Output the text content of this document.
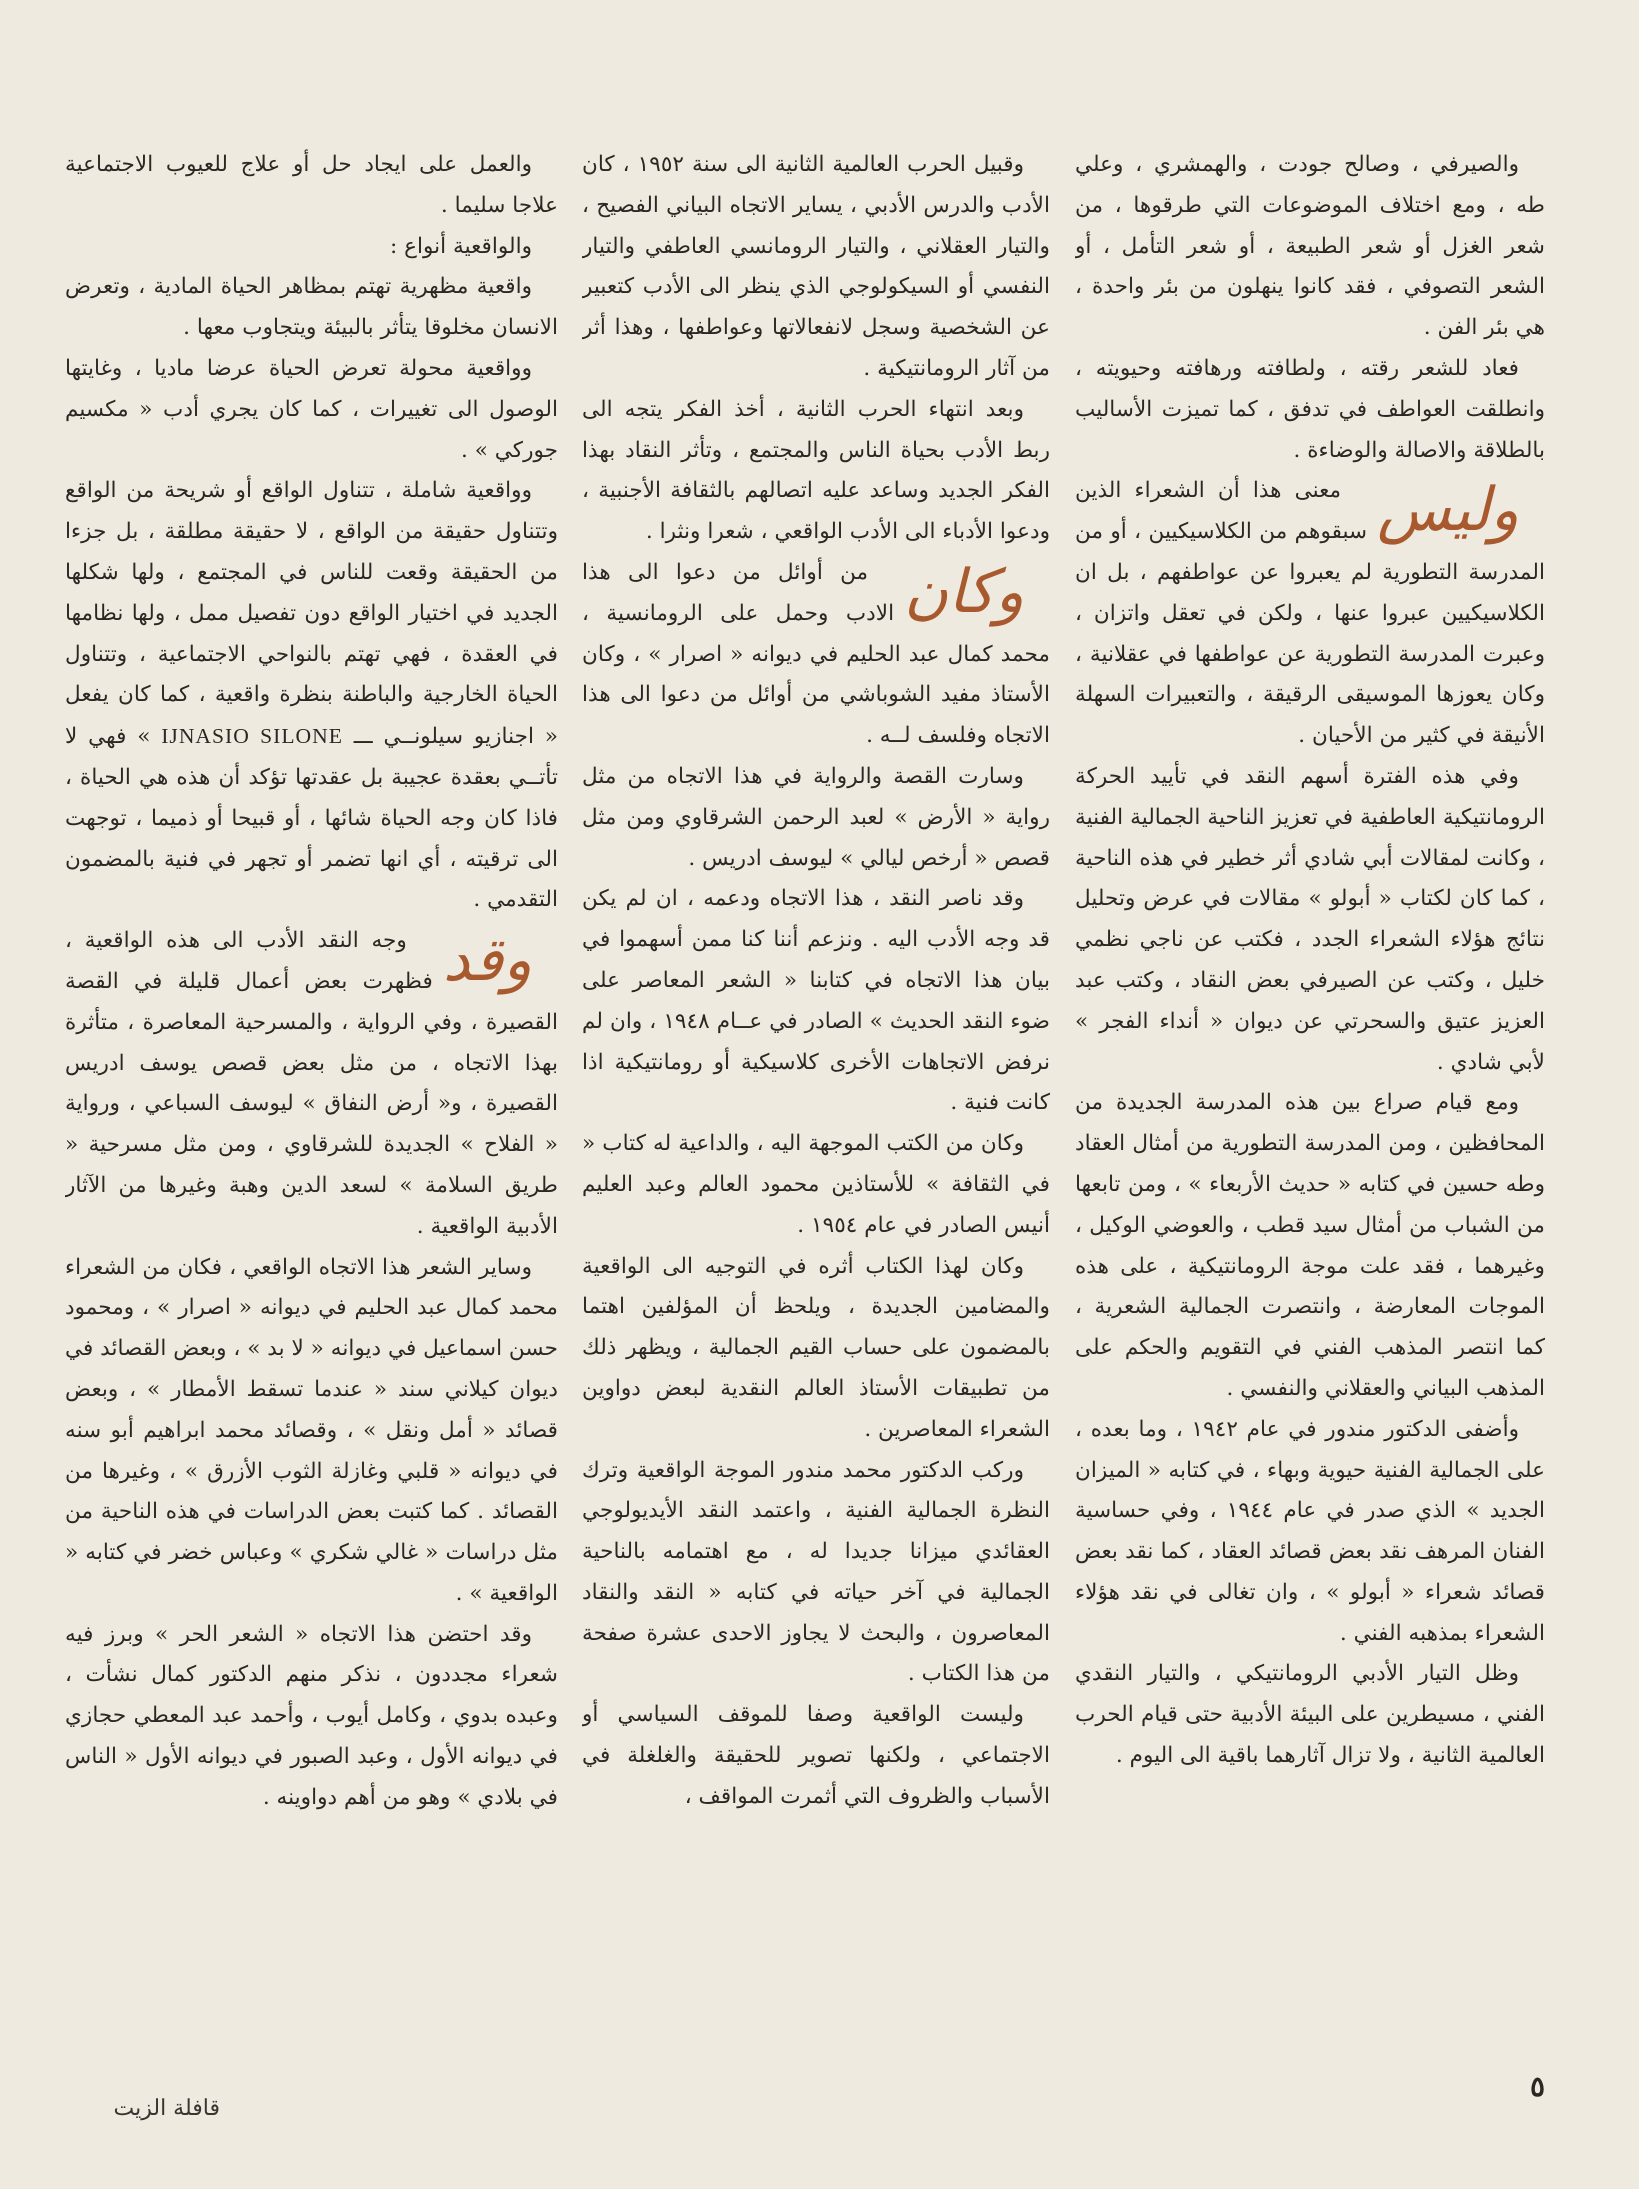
والصيرفي ، وصالح جودت ، والهمشري ، وعلي طه ، ومع اختلاف الموضوعات التي طرقوها ، من شعر الغزل أو شعر الطبيعة ، أو شعر التأمل ، أو الشعر التصوفي ، فقد كانوا ينهلون من بئر واحدة ، هي بئر الفن .

فعاد للشعر رقته ، ولطافته ورهافته وحيويته ، وانطلقت العواطف في تدفق ، كما تميزت الأساليب بالطلاقة والاصالة والوضاءة .

وليس
معنى هذا أن الشعراء الذين سبقوهم من الكلاسيكيين ، أو من المدرسة التطورية لم يعبروا عن عواطفهم ، بل ان الكلاسيكيين عبروا عنها ، ولكن في تعقل واتزان ، وعبرت المدرسة التطورية عن عواطفها في عقلانية ، وكان يعوزها الموسيقى الرقيقة ، والتعبيرات السهلة الأنيقة في كثير من الأحيان .

وفي هذه الفترة أسهم النقد في تأييد الحركة الرومانتيكية العاطفية في تعزيز الناحية الجمالية الفنية ، وكانت لمقالات أبي شادي أثر خطير في هذه الناحية ، كما كان لكتاب « أبولو » مقالات في عرض وتحليل نتائج هؤلاء الشعراء الجدد ، فكتب عن ناجي نظمي خليل ، وكتب عن الصيرفي بعض النقاد ، وكتب عبد العزيز عتيق والسحرتي عن ديوان « أنداء الفجر » لأبي شادي .

ومع قيام صراع بين هذه المدرسة الجديدة من المحافظين ، ومن المدرسة التطورية من أمثال العقاد وطه حسين في كتابه « حديث الأربعاء » ، ومن تابعها من الشباب من أمثال سيد قطب ، والعوضي الوكيل ، وغيرهما ، فقد علت موجة الرومانتيكية ، على هذه الموجات المعارضة ، وانتصرت الجمالية الشعرية ، كما انتصر المذهب الفني في التقويم والحكم على المذهب البياني والعقلاني والنفسي .

وأضفى الدكتور مندور في عام ١٩٤٢ ، وما بعده ، على الجمالية الفنية حيوية وبهاء ، في كتابه « الميزان الجديد » الذي صدر في عام ١٩٤٤ ، وفي حساسية الفنان المرهف نقد بعض قصائد العقاد ، كما نقد بعض قصائد شعراء « أبولو » ، وان تغالى في نقد هؤلاء الشعراء بمذهبه الفني .

وظل التيار الأدبي الرومانتيكي ، والتيار النقدي الفني ، مسيطرين على البيئة الأدبية حتى قيام الحرب العالمية الثانية ، ولا تزال آثارهما باقية الى اليوم .

وقبيل الحرب العالمية الثانية الى سنة ١٩٥٢ ، كان الأدب والدرس الأدبي ، يساير الاتجاه البياني الفصيح ، والتيار العقلاني ، والتيار الرومانسي العاطفي والتيار النفسي أو السيكولوجي الذي ينظر الى الأدب كتعبير عن الشخصية وسجل لانفعالاتها وعواطفها ، وهذا أثر من آثار الرومانتيكية .

وبعد انتهاء الحرب الثانية ، أخذ الفكر يتجه الى ربط الأدب بحياة الناس والمجتمع ، وتأثر النقاد بهذا الفكر الجديد وساعد عليه اتصالهم بالثقافة الأجنبية ، ودعوا الأدباء الى الأدب الواقعي ، شعرا ونثرا .

وكان
من أوائل من دعوا الى هذا الادب وحمل على الرومانسية ، محمد كمال عبد الحليم في ديوانه « اصرار » ، وكان الأستاذ مفيد الشوباشي من أوائل من دعوا الى هذا الاتجاه وفلسف لــه .

وسارت القصة والرواية في هذا الاتجاه من مثل رواية « الأرض » لعبد الرحمن الشرقاوي ومن مثل قصص « أرخص ليالي » ليوسف ادريس .

وقد ناصر النقد ، هذا الاتجاه ودعمه ، ان لم يكن قد وجه الأدب اليه . ونزعم أننا كنا ممن أسهموا في بيان هذا الاتجاه في كتابنا « الشعر المعاصر على ضوء النقد الحديث » الصادر في عــام ١٩٤٨ ، وان لم نرفض الاتجاهات الأخرى كلاسيكية أو رومانتيكية اذا كانت فنية .

وكان من الكتب الموجهة اليه ، والداعية له كتاب « في الثقافة » للأستاذين محمود العالم وعبد العليم أنيس الصادر في عام ١٩٥٤ .

وكان لهذا الكتاب أثره في التوجيه الى الواقعية والمضامين الجديدة ، ويلحظ أن المؤلفين اهتما بالمضمون على حساب القيم الجمالية ، ويظهر ذلك من تطبيقات الأستاذ العالم النقدية لبعض دواوين الشعراء المعاصرين .

وركب الدكتور محمد مندور الموجة الواقعية وترك النظرة الجمالية الفنية ، واعتمد النقد الأيديولوجي العقائدي ميزانا جديدا له ، مع اهتمامه بالناحية الجمالية في آخر حياته في كتابه « النقد والنقاد المعاصرون ، والبحث لا يجاوز الاحدى عشرة صفحة من هذا الكتاب .

وليست الواقعية وصفا للموقف السياسي أو الاجتماعي ، ولكنها تصوير للحقيقة والغلغلة في الأسباب والظروف التي أثمرت المواقف ،

والعمل على ايجاد حل أو علاج للعيوب الاجتماعية علاجا سليما .

والواقعية أنواع :

واقعية مظهرية تهتم بمظاهر الحياة المادية ، وتعرض الانسان مخلوقا يتأثر بالبيئة ويتجاوب معها .

وواقعية محولة تعرض الحياة عرضا ماديا ، وغايتها الوصول الى تغييرات ، كما كان يجري أدب « مكسيم جوركي » .

وواقعية شاملة ، تتناول الواقع أو شريحة من الواقع وتتناول حقيقة من الواقع ، لا حقيقة مطلقة ، بل جزءا من الحقيقة وقعت للناس في المجتمع ، ولها شكلها الجديد في اختيار الواقع دون تفصيل ممل ، ولها نظامها في العقدة ، فهي تهتم بالنواحي الاجتماعية ، وتتناول الحياة الخارجية والباطنة بنظرة واقعية ، كما كان يفعل « اجنازيو سيلونــي ـــ IJNASIO SILONE » فهي لا تأتــي بعقدة عجيبة بل عقدتها تؤكد أن هذه هي الحياة ، فاذا كان وجه الحياة شائها ، أو قبيحا أو ذميما ، توجهت الى ترقيته ، أي انها تضمر أو تجهر في فنية بالمضمون التقدمي .

وقد
وجه النقد الأدب الى هذه الواقعية ، فظهرت بعض أعمال قليلة في القصة القصيرة ، وفي الرواية ، والمسرحية المعاصرة ، متأثرة بهذا الاتجاه ، من مثل بعض قصص يوسف ادريس القصيرة ، و« أرض النفاق » ليوسف السباعي ، ورواية « الفلاح » الجديدة للشرقاوي ، ومن مثل مسرحية « طريق السلامة » لسعد الدين وهبة وغيرها من الآثار الأدبية الواقعية .

وساير الشعر هذا الاتجاه الواقعي ، فكان من الشعراء محمد كمال عبد الحليم في ديوانه « اصرار » ، ومحمود حسن اسماعيل في ديوانه « لا بد » ، وبعض القصائد في ديوان كيلاني سند « عندما تسقط الأمطار » ، وبعض قصائد « أمل ونقل » ، وقصائد محمد ابراهيم أبو سنه في ديوانه « قلبي وغازلة الثوب الأزرق » ، وغيرها من القصائد . كما كتبت بعض الدراسات في هذه الناحية من مثل دراسات « غالي شكري » وعباس خضر في كتابه « الواقعية » .

وقد احتضن هذا الاتجاه « الشعر الحر » وبرز فيه شعراء مجددون ، نذكر منهم الدكتور كمال نشأت ، وعبده بدوي ، وكامل أيوب ، وأحمد عبد المعطي حجازي في ديوانه الأول ، وعبد الصبور في ديوانه الأول « الناس في بلادي » وهو من أهم دواوينه .

٥
قافلة الزيت
